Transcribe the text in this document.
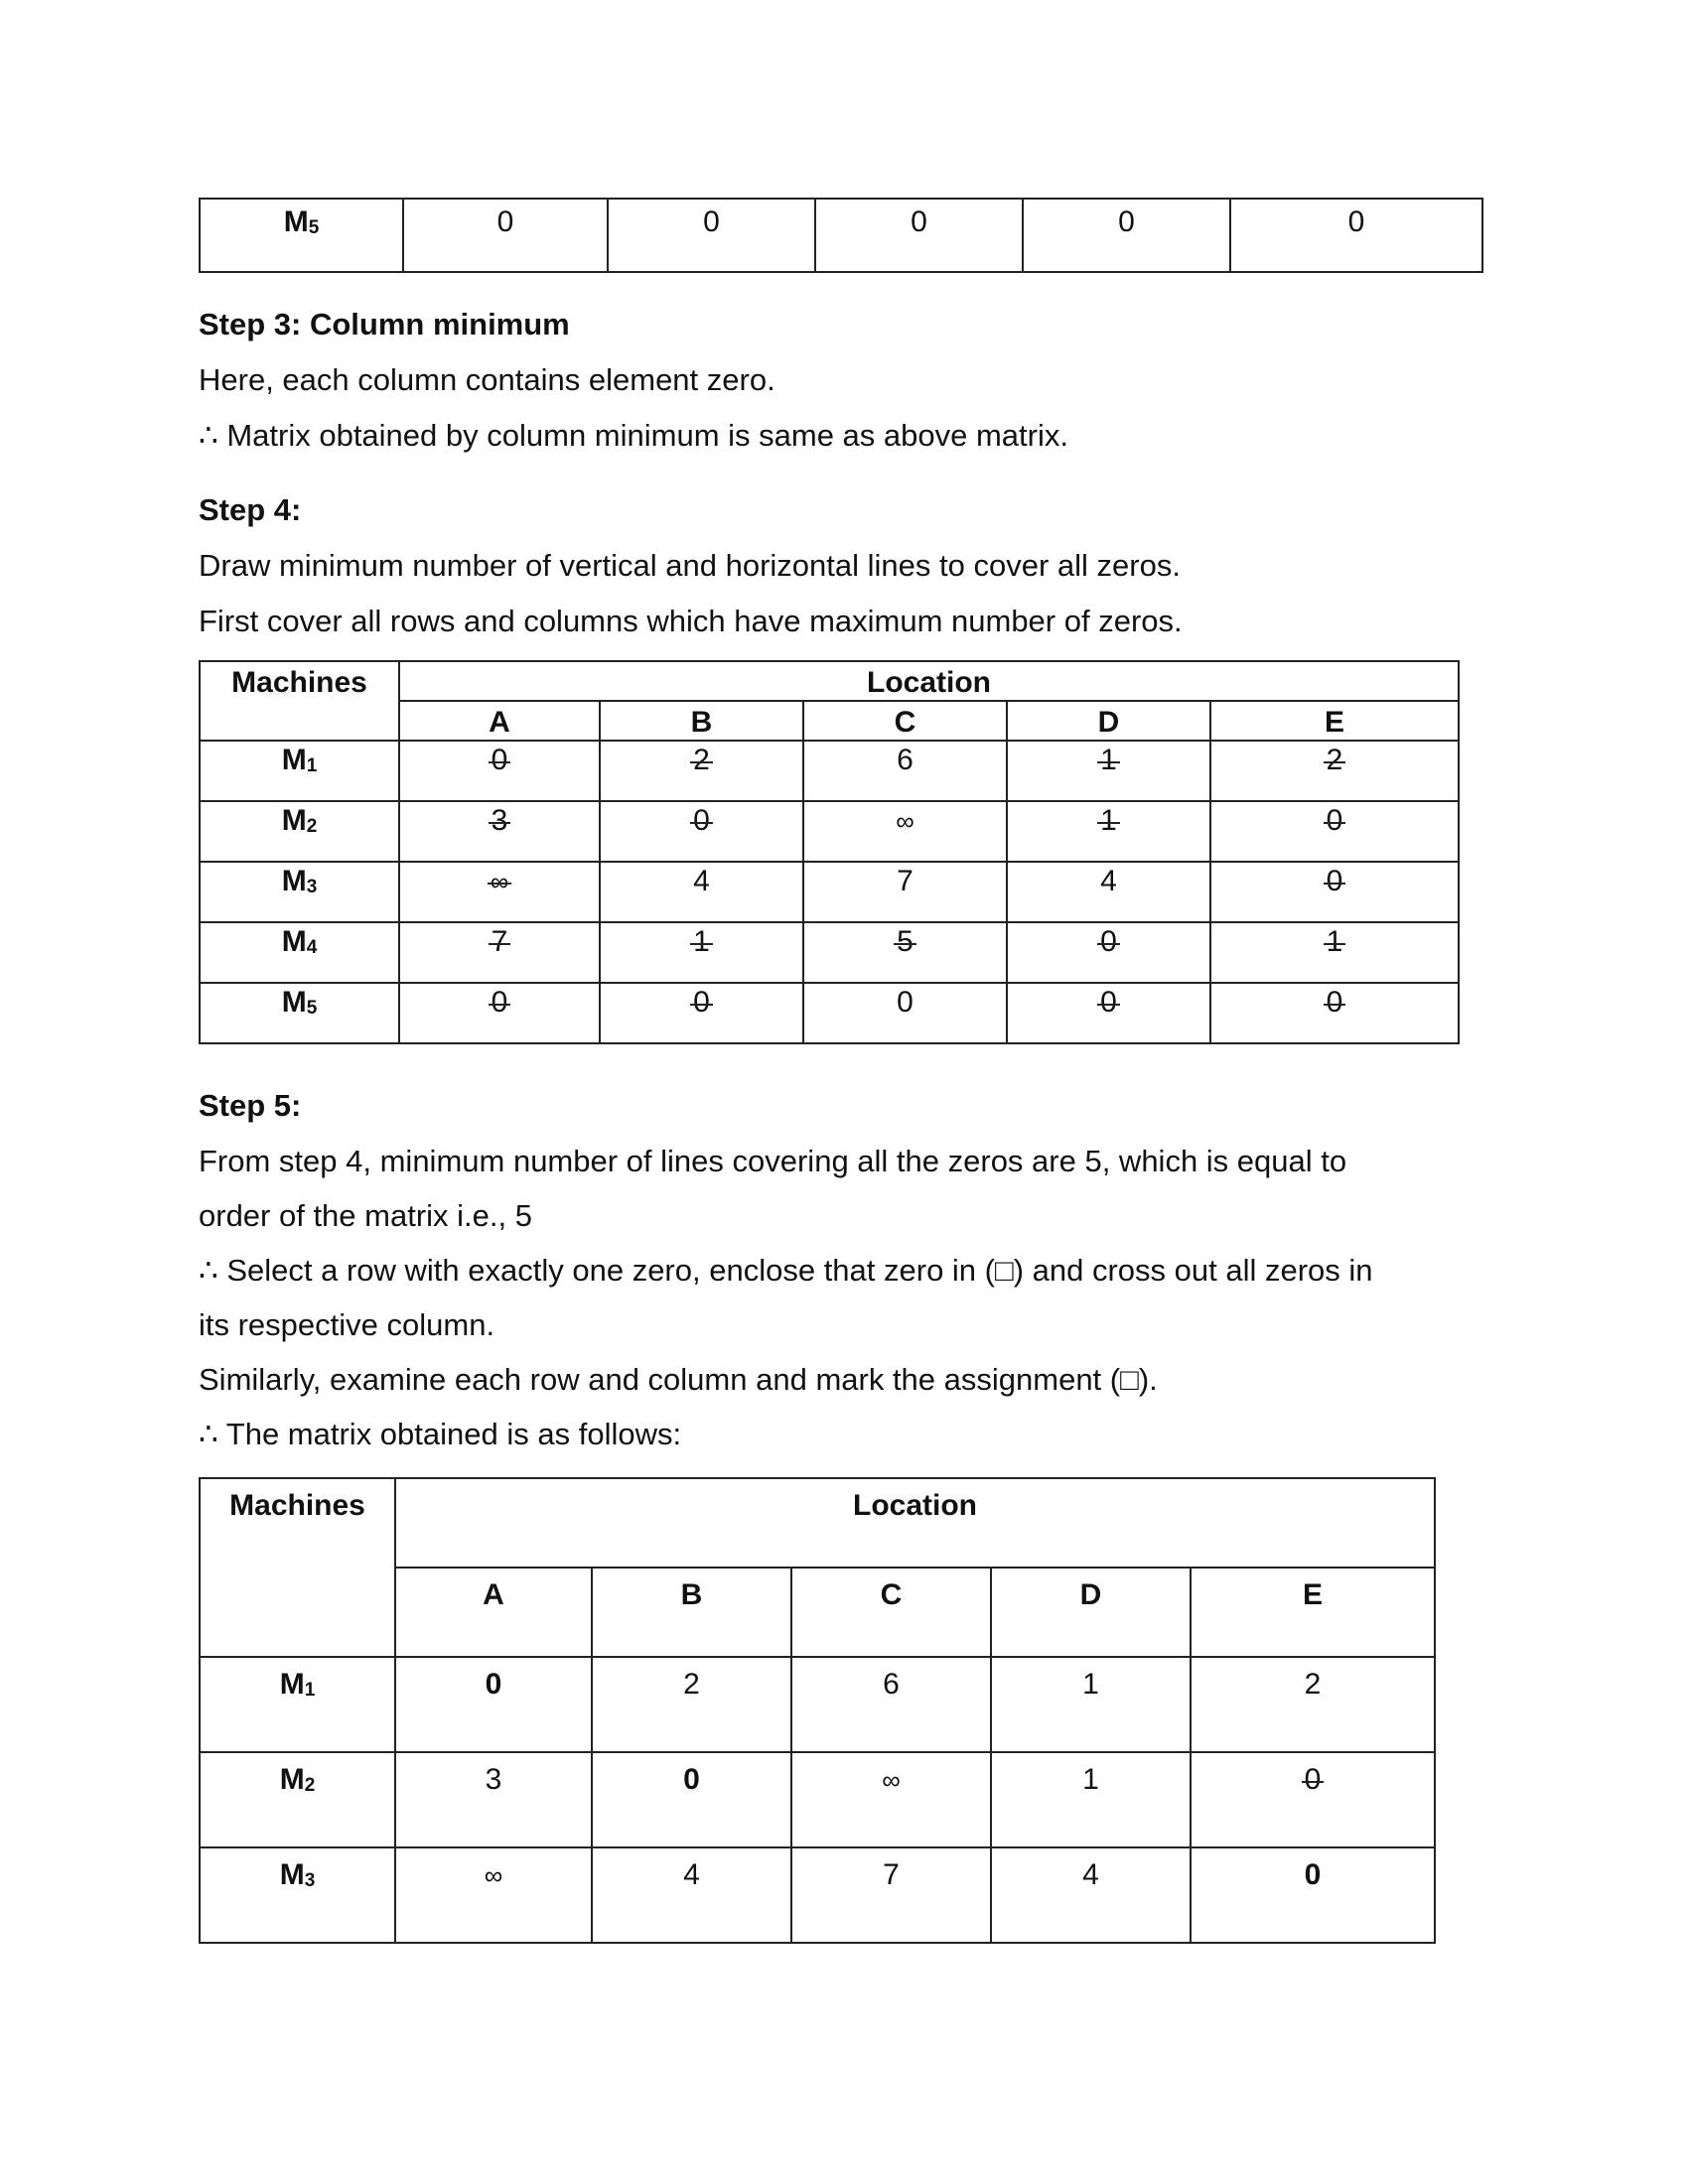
$M_5$	0	0	0	0	0
Step 3: Column minimum
Here, each column contains element zero.
∴ Matrix obtained by column minimum is same as above matrix.
Step 4:
Draw minimum number of vertical and horizontal lines to cover all zeros.
First cover all rows and columns which have maximum number of zeros.
Machines	Location				
	A	B	C	D	E
$M_1$	0	2	6	1	2
$M_2$	3	0	∞	1	0
$M_3$	∞	4	7	4	0
$M_4$	7	1	5	0	1
$M_5$	0	0	0	0	0
Step 5:
From step 4, minimum number of lines covering all the zeros are 5, which is equal to
order of the matrix i.e., 5
∴ Select a row with exactly one zero, enclose that zero in (□) and cross out all zeros in
its respective column.
Similarly, examine each row and column and mark the assignment (□).
∴ The matrix obtained is as follows:
Machines	Location				
	A	B	C	D	E
$M_1$	0	2	6	1	2
$M_2$	3	0	∞	1	0
$M_3$	∞	4	7	4	0
